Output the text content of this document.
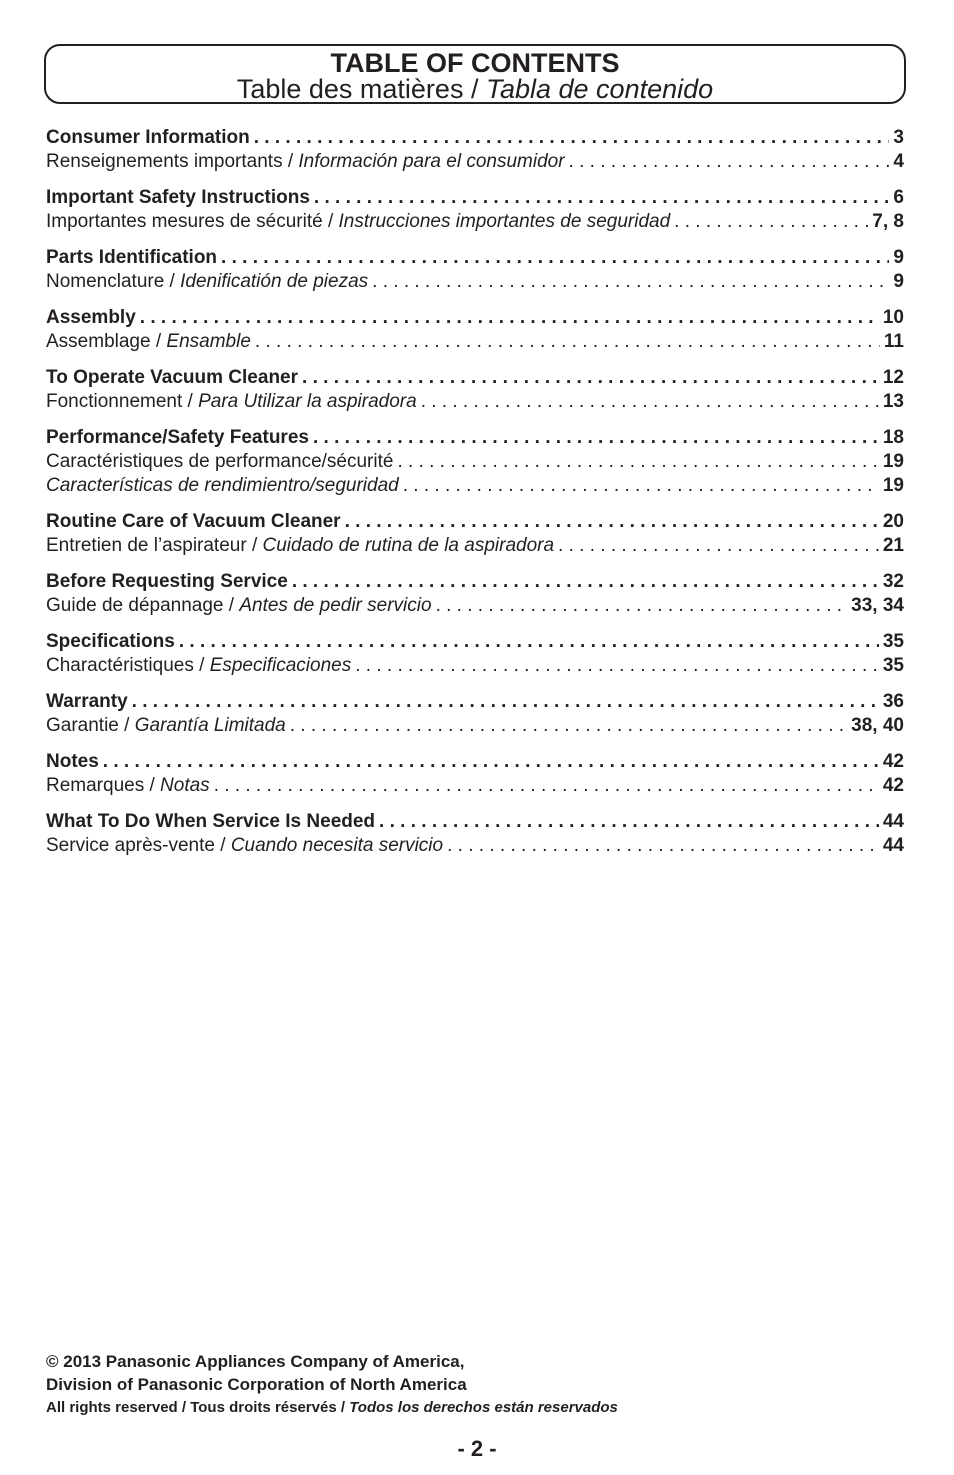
TABLE OF CONTENTS
Table des matières / Tabla de contenido
Consumer Information . . .	3
Renseignements importants / Información para el consumidor . . .	4
Important Safety Instructions . . .	6
Importantes mesures de sécurité / Instrucciones importantes de seguridad . . .	7, 8
Parts Identification . . .	9
Nomenclature / Idenificatión de piezas . . .	9
Assembly . . .	10
Assemblage / Ensamble . . .	11
To Operate Vacuum Cleaner . . .	12
Fonctionnement / Para Utilizar la aspiradora . . .	13
Performance/Safety Features . . .	18
Caractéristiques de performance/sécurité . . .	19
Características de rendimientro/seguridad . . .	19
Routine Care of Vacuum Cleaner . . .	20
Entretien de l’aspirateur / Cuidado de rutina de la aspiradora . . .	21
Before Requesting Service . . .	32
Guide de dépannage / Antes de pedir servicio . . .	33, 34
Specifications . . .	35
Charactéristiques / Especificaciones . . .	35
Warranty . . .	36
Garantie / Garantía Limitada . . .	38, 40
Notes . . .	42
Remarques / Notas . . .	42
What To Do When Service Is Needed . . .	44
Service après-vente / Cuando necesita servicio . . .	44
© 2013 Panasonic Appliances Company of America,
Division of Panasonic Corporation of North America
All rights reserved / Tous droits réservés / Todos los derechos están reservados
- 2 -
